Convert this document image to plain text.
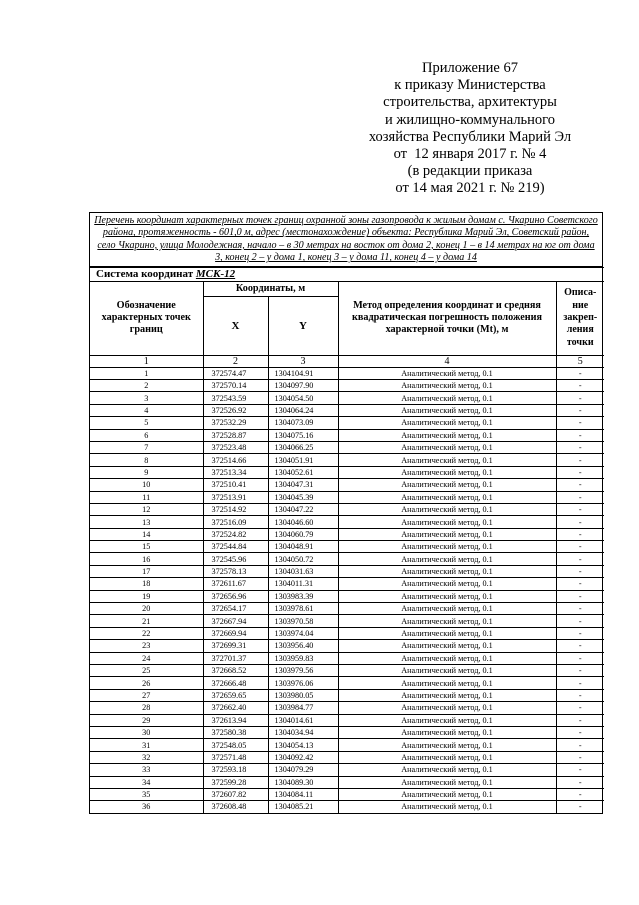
Приложение 67
к приказу Министерства
строительства, архитектуры
и жилищно-коммунального
хозяйства Республики Марий Эл
от  12 января 2017 г. № 4
(в редакции приказа
от 14 мая 2021 г. № 219)
Перечень координат характерных точек границ охранной зоны газопровода к жилым домам с. Чкарино Советского района, протяженность - 601,0 м, адрес (местонахождение) объекта: Республика Марий Эл, Советский район, село Чкарино, улица Молодежная, начало – в 30 метрах на восток от дома 2, конец 1 – в 14 метрах на юг от дома 3, конец 2 – у дома 1, конец 3 – у дома 11, конец 4 – у дома 14
Система координат МСК-12				
Обозначение характерных точек границ	Координаты, м		Метод определения координат и средняя квадратическая погрешность положения характерной точки (Mt), м	Описа-
ние
закреп-
ления
точки
	X	Y		
1	2	3	4	5
1	372574.47	1304104.91	Аналитический метод, 0.1	-
2	372570.14	1304097.90	Аналитический метод, 0.1	-
3	372543.59	1304054.50	Аналитический метод, 0.1	-
4	372526.92	1304064.24	Аналитический метод, 0.1	-
5	372532.29	1304073.09	Аналитический метод, 0.1	-
6	372528.87	1304075.16	Аналитический метод, 0.1	-
7	372523.48	1304066.25	Аналитический метод, 0.1	-
8	372514.66	1304051.91	Аналитический метод, 0.1	-
9	372513.34	1304052.61	Аналитический метод, 0.1	-
10	372510.41	1304047.31	Аналитический метод, 0.1	-
11	372513.91	1304045.39	Аналитический метод, 0.1	-
12	372514.92	1304047.22	Аналитический метод, 0.1	-
13	372516.09	1304046.60	Аналитический метод, 0.1	-
14	372524.82	1304060.79	Аналитический метод, 0.1	-
15	372544.84	1304048.91	Аналитический метод, 0.1	-
16	372545.96	1304050.72	Аналитический метод, 0.1	-
17	372578.13	1304031.63	Аналитический метод, 0.1	-
18	372611.67	1304011.31	Аналитический метод, 0.1	-
19	372656.96	1303983.39	Аналитический метод, 0.1	-
20	372654.17	1303978.61	Аналитический метод, 0.1	-
21	372667.94	1303970.58	Аналитический метод, 0.1	-
22	372669.94	1303974.04	Аналитический метод, 0.1	-
23	372699.31	1303956.40	Аналитический метод, 0.1	-
24	372701.37	1303959.83	Аналитический метод, 0.1	-
25	372668.52	1303979.56	Аналитический метод, 0.1	-
26	372666.48	1303976.06	Аналитический метод, 0.1	-
27	372659.65	1303980.05	Аналитический метод, 0.1	-
28	372662.40	1303984.77	Аналитический метод, 0.1	-
29	372613.94	1304014.61	Аналитический метод, 0.1	-
30	372580.38	1304034.94	Аналитический метод, 0.1	-
31	372548.05	1304054.13	Аналитический метод, 0.1	-
32	372571.48	1304092.42	Аналитический метод, 0.1	-
33	372593.18	1304079.29	Аналитический метод, 0.1	-
34	372599.28	1304089.30	Аналитический метод, 0.1	-
35	372607.82	1304084.11	Аналитический метод, 0.1	-
36	372608.48	1304085.21	Аналитический метод, 0.1	-
